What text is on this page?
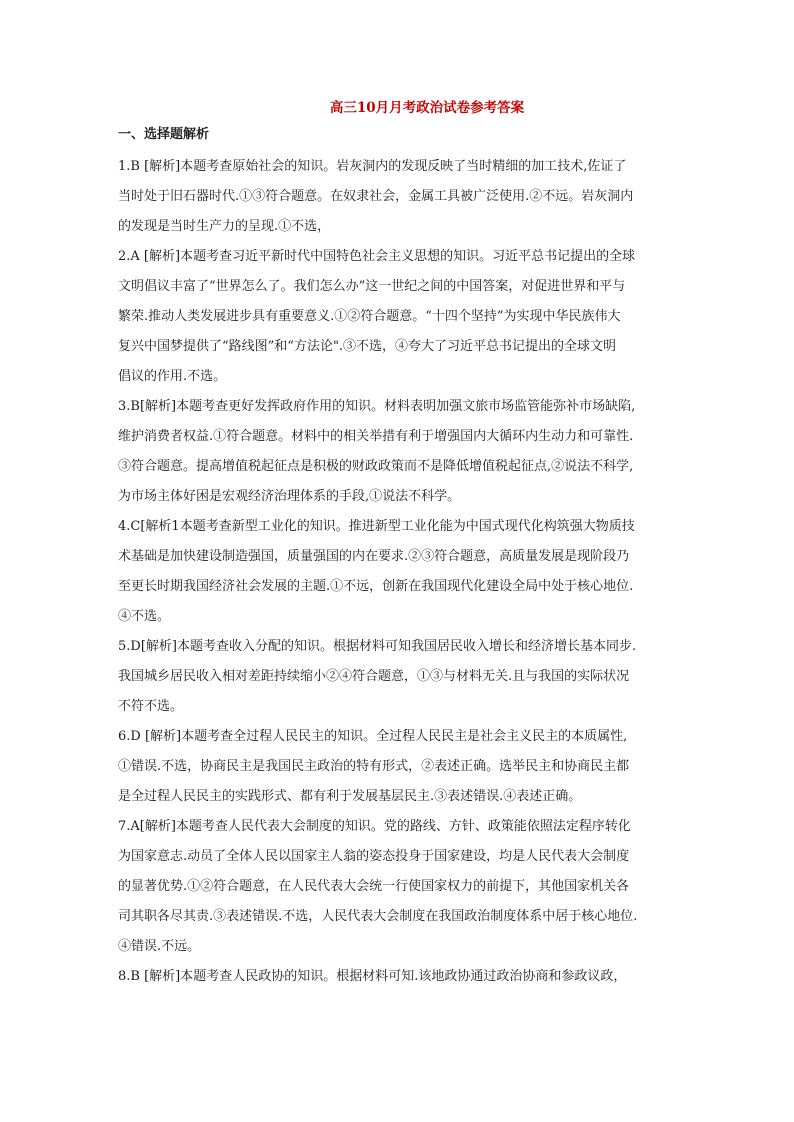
高三10月月考政治试卷参考答案
一、选择题解析
1.B [解析]本题考查原始社会的知识。岩灰洞内的发现反映了当时精细的加工技术,佐证了
当时处于旧石器时代.①③符合题意。在奴隶社会，金属工具被广泛使用.②不远。岩灰洞内
的发现是当时生产力的呈现.①不选，
2.A [解析]本题考查习近平新时代中国特色社会主义思想的知识。习近平总书记提出的全球
文明倡议丰富了“世界怎么了。我们怎么办”这一世纪之间的中国答案，对促进世界和平与
繁荣.推动人类发展进步具有重要意义.①②符合题意。“十四个坚持”为实现中华民族伟大
复兴中国梦提供了“路线图”和“方法论".③不选，④夸大了习近平总书记提出的全球文明
倡议的作用.不选。
3.B[解析]本题考查更好发挥政府作用的知识。材料表明加强文旅市场监管能弥补市场缺陷,
维护消费者权益.①符合题意。材料中的相关举措有利于增强国内大循环内生动力和可靠性.
③符合题意。提高增值税起征点是积极的财政政策而不是降低增值税起征点,②说法不科学,
为市场主体好困是宏观经济治理体系的手段,①说法不科学。
4.C[解析1本题考查新型工业化的知识。推进新型工业化能为中国式现代化构筑强大物质技
术基础是加快建设制造强国，质量强国的内在要求.②③符合题意，高质量发展是现阶段乃
至更长时期我国经济社会发展的主题.①不远，创新在我国现代化建设全局中处于核心地位.
④不选。
5.D[解析]本题考查收入分配的知识。根据材料可知我国居民收入增长和经济增长基本同步.
我国城乡居民收入相对差距持续缩小②④符合题意，①③与材料无关.且与我国的实际状况
不符不选。
6.D [解析]本题考查全过程人民民主的知识。全过程人民民主是社会主义民主的本质属性,
①错误.不选，协商民主是我国民主政治的特有形式，②表述正确。选举民主和协商民主都
是全过程人民民主的实践形式、都有利于发展基层民主.③表述错误.④表述正确。
7.A[解析]本题考查人民代表大会制度的知识。党的路线、方针、政策能依照法定程序转化
为国家意志.动员了全体人民以国家主人翁的姿态投身于国家建设，均是人民代表大会制度
的显著优势.①②符合题意，在人民代表大会统一行使国家权力的前提下，其他国家机关各
司其职各尽其责.③表述错误.不选，人民代表大会制度在我国政治制度体系中居于核心地位.
④错误.不远。
8.B [解析]本题考查人民政协的知识。根据材料可知.该地政协通过政治协商和参政议政，
